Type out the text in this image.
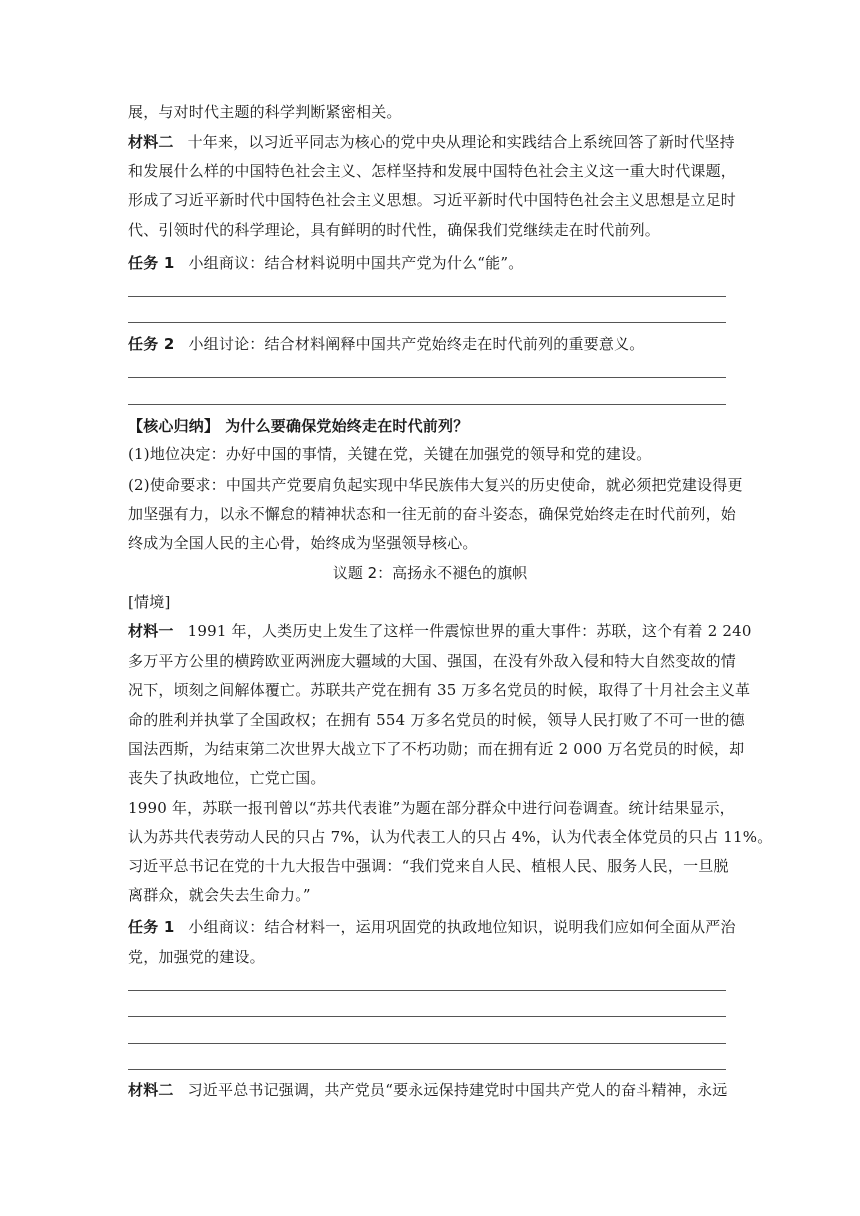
展，与对时代主题的科学判断紧密相关。
材料二 十年来，以习近平同志为核心的党中央从理论和实践结合上系统回答了新时代坚持
和发展什么样的中国特色社会主义、怎样坚持和发展中国特色社会主义这一重大时代课题，
形成了习近平新时代中国特色社会主义思想。习近平新时代中国特色社会主义思想是立足时
代、引领时代的科学理论，具有鲜明的时代性，确保我们党继续走在时代前列。
任务 1 小组商议：结合材料说明中国共产党为什么“能”。
任务 2 小组讨论：结合材料阐释中国共产党始终走在时代前列的重要意义。
【核心归纳】 为什么要确保党始终走在时代前列？
(1)地位决定：办好中国的事情，关键在党，关键在加强党的领导和党的建设。
(2)使命要求：中国共产党要肩负起实现中华民族伟大复兴的历史使命，就必须把党建设得更
加坚强有力，以永不懈怠的精神状态和一往无前的奋斗姿态，确保党始终走在时代前列，始
终成为全国人民的主心骨，始终成为坚强领导核心。
议题 2：高扬永不褪色的旗帜
[情境]
材料一 1991 年，人类历史上发生了这样一件震惊世界的重大事件：苏联，这个有着 2 240
多万平方公里的横跨欧亚两洲庞大疆域的大国、强国，在没有外敌入侵和特大自然变故的情
况下，顷刻之间解体覆亡。苏联共产党在拥有 35 万多名党员的时候，取得了十月社会主义革
命的胜利并执掌了全国政权；在拥有 554 万多名党员的时候，领导人民打败了不可一世的德
国法西斯，为结束第二次世界大战立下了不朽功勋；而在拥有近 2 000 万名党员的时候，却
丧失了执政地位，亡党亡国。
1990 年，苏联一报刊曾以“苏共代表谁”为题在部分群众中进行问卷调查。统计结果显示，
认为苏共代表劳动人民的只占 7%，认为代表工人的只占 4%，认为代表全体党员的只占 11%。
习近平总书记在党的十九大报告中强调：“我们党来自人民、植根人民、服务人民，一旦脱
离群众，就会失去生命力。”
任务 1 小组商议：结合材料一，运用巩固党的执政地位知识，说明我们应如何全面从严治
党，加强党的建设。
材料二 习近平总书记强调，共产党员“要永远保持建党时中国共产党人的奋斗精神，永远
